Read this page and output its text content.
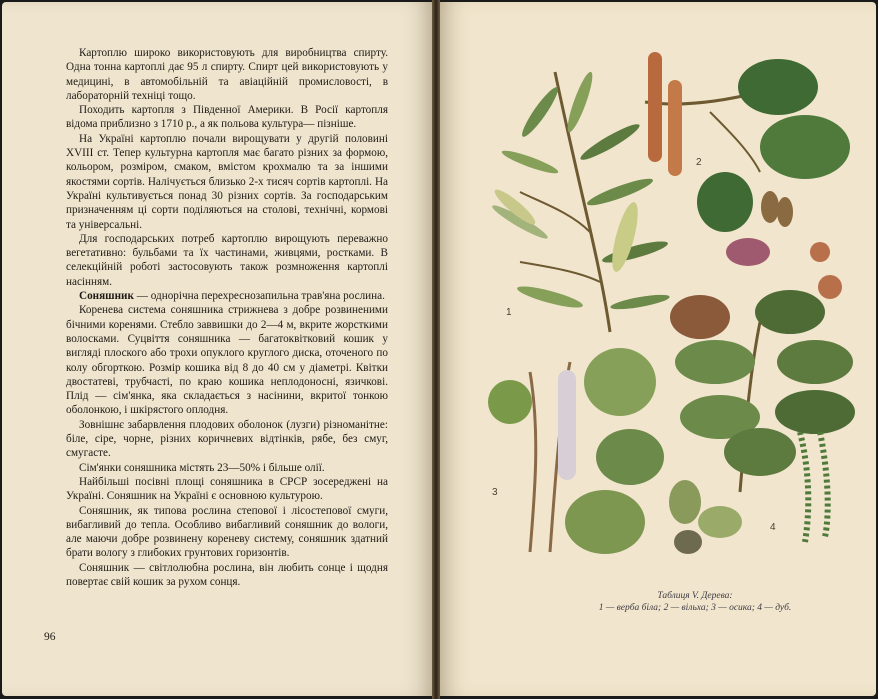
Картоплю широко використовують для виробництва спирту. Одна тонна картоплі дає 95 л спирту. Спирт цей використовують у медицині, в автомобільній та авіаційній промисловості, в лабораторній техніці тощо.

Походить картопля з Південної Америки. В Росії картопля відома приблизно з 1710 р., а як польова культура— пізніше.

На Україні картоплю почали вирощувати у другій половині XVIII ст. Тепер культурна картопля має багато різних за формою, кольором, розміром, смаком, вмістом крохмалю та за іншими якостями сортів. Налічується близько 2-х тисяч сортів картоплі. На Україні культивується понад 30 різних сортів. За господарським призначенням ці сорти поділяються на столові, технічні, кормові та універсальні.

Для господарських потреб картоплю вирощують переважно вегетативно: бульбами та їх частинами, живцями, ростками. В селекційній роботі застосовують також розмноження картоплі насінням.

Соняшник — однорічна перехреснозапильна трав'яна рослина.

Коренева система соняшника стрижнева з добре розвиненими бічними коренями. Стебло заввишки до 2—4 м, вкрите жорсткими волосками. Суцвіття соняшника — багатоквітковий кошик у вигляді плоского або трохи опуклого круглого диска, оточеного по колу обгорткою. Розмір кошика від 8 до 40 см у діаметрі. Квітки двостатеві, трубчасті, по краю кошика неплодоносні, язичкові. Плід — сім'янка, яка складається з насінини, вкритої тонкою оболонкою, і шкірястого оплодня.

Зовнішнє забарвлення плодових оболонок (лузги) різноманітне: біле, сіре, чорне, різних коричневих відтінків, рябе, без смуг, смугасте.

Сім'янки соняшника містять 23—50% і більше олії.

Найбільші посівні площі соняшника в СРСР зосереджені на Україні. Соняшник на Україні є основною культурою.

Соняшник, як типова рослина степової і лісостепової смуги, вибагливий до тепла. Особливо вибагливий соняшник до вологи, але маючи добре розвинену кореневу систему, соняшник здатний брати вологу з глибоких грунтових горизонтів.

Соняшник — світлолюбна рослина, він любить сонце і щодня повертає свій кошик за рухом сонця.

96
1
2
3
4
Таблиця V. Дерева:
1 — верба біла; 2 — вільха; 3 — осика; 4 — дуб.
